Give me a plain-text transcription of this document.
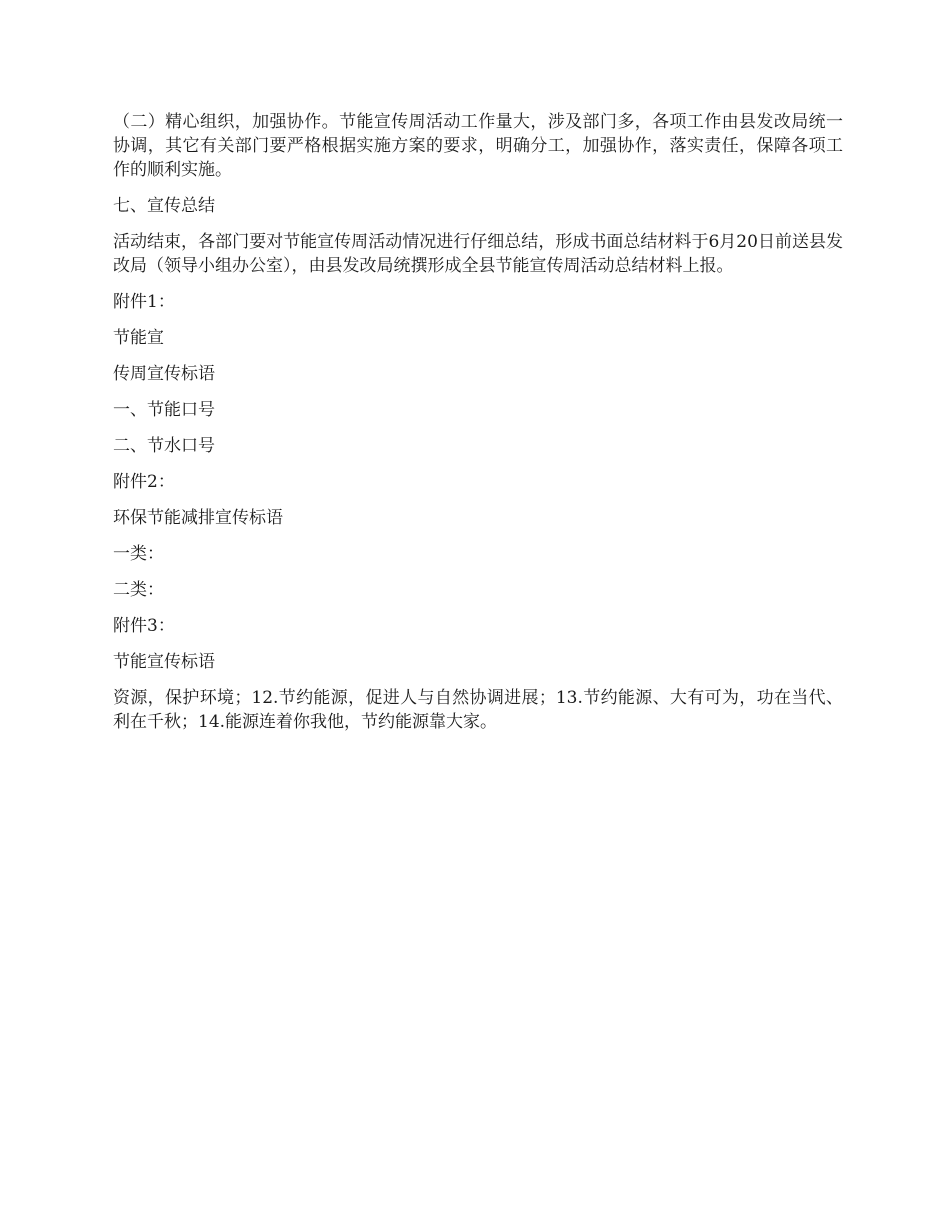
（二）精心组织，加强协作。节能宣传周活动工作量大，涉及部门多，各项工作由县发改局统一协调，其它有关部门要严格根据实施方案的要求，明确分工，加强协作，落实责任，保障各项工作的顺利实施。

七、宣传总结

活动结束，各部门要对节能宣传周活动情况进行仔细总结，形成书面总结材料于6月20日前送县发改局（领导小组办公室），由县发改局统撰形成全县节能宣传周活动总结材料上报。

附件1：

节能宣

传周宣传标语

一、节能口号

二、节水口号

附件2：

环保节能减排宣传标语

一类：

二类：

附件3：

节能宣传标语

资源，保护环境；12.节约能源，促进人与自然协调进展；13.节约能源、大有可为，功在当代、利在千秋；14.能源连着你我他，节约能源靠大家。
